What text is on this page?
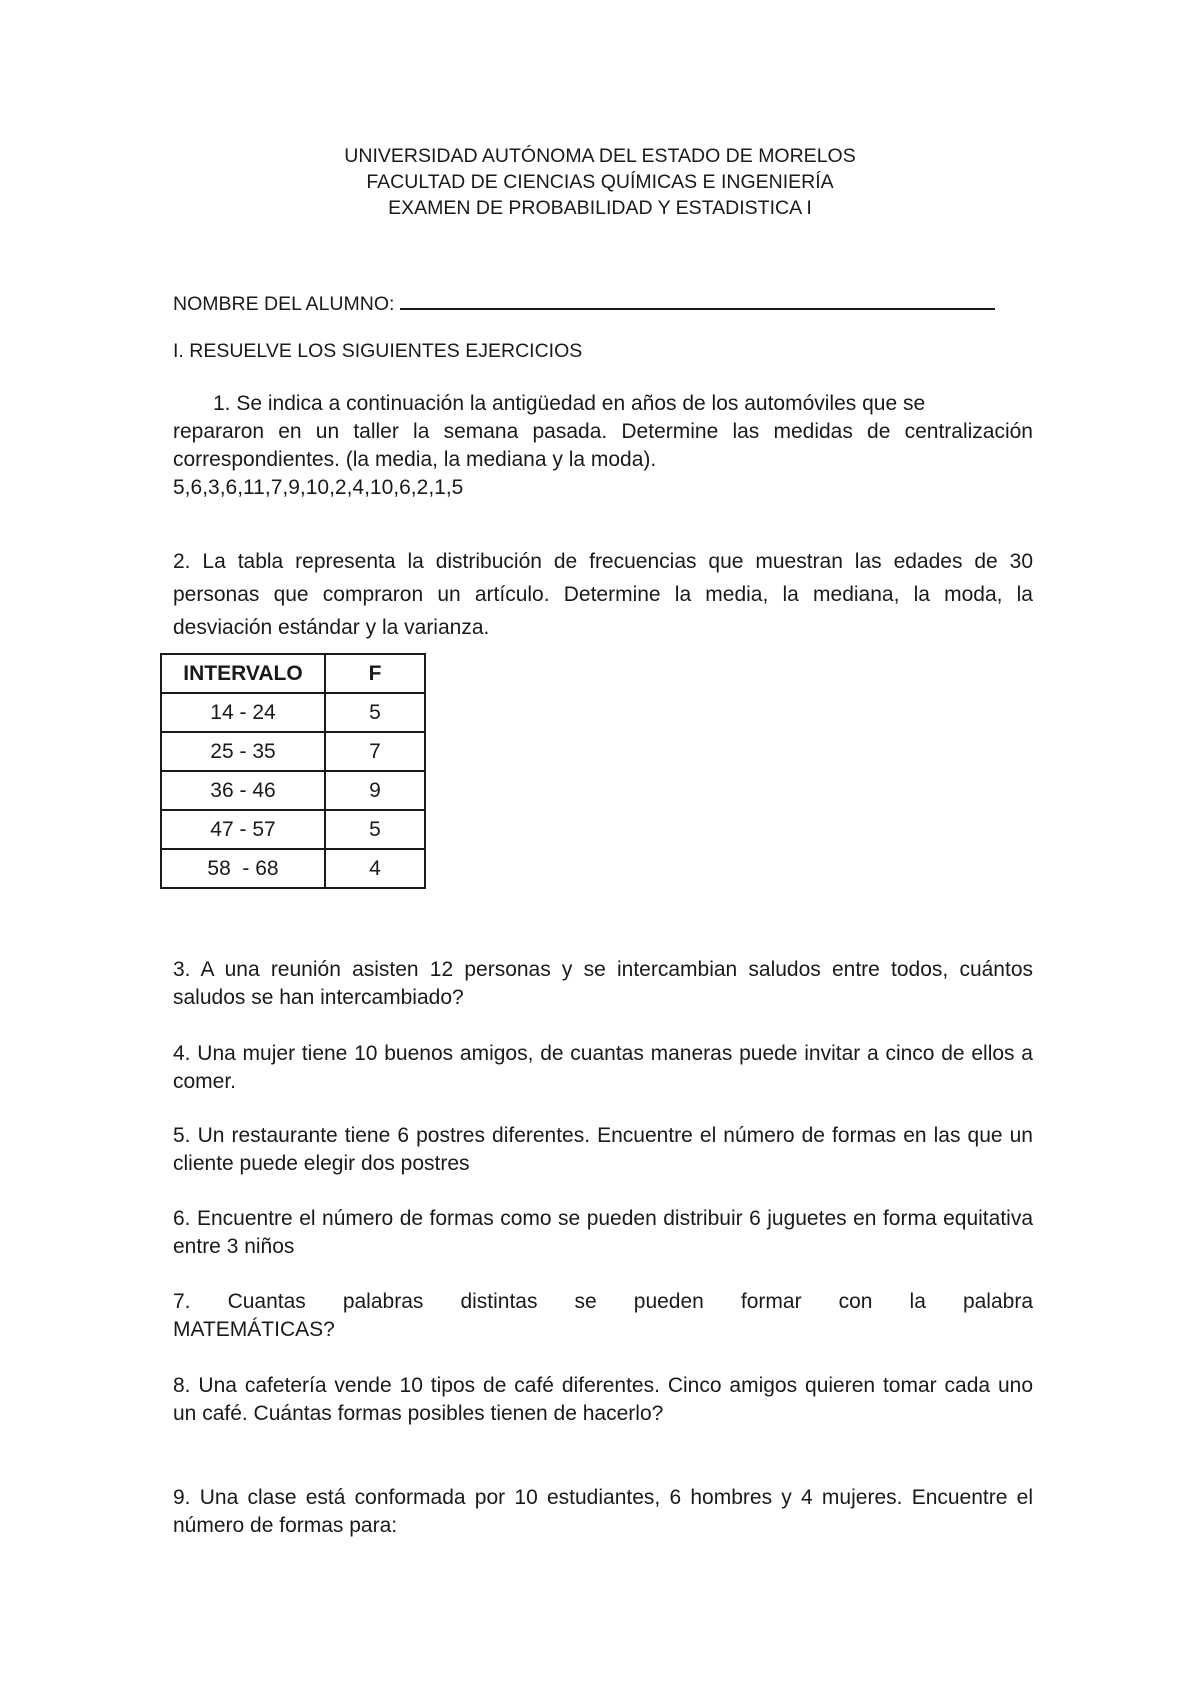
UNIVERSIDAD AUTÓNOMA DEL ESTADO DE MORELOS
FACULTAD DE CIENCIAS QUÍMICAS E INGENIERÍA
EXAMEN DE PROBABILIDAD Y ESTADISTICA I
NOMBRE DEL ALUMNO:
I. RESUELVE LOS SIGUIENTES EJERCICIOS
1. Se indica a continuación la antigüedad en años de los automóviles que se
repararon en un taller la semana pasada. Determine las medidas de centralización correspondientes. (la media, la mediana y la moda).
5,6,3,6,11,7,9,10,2,4,10,6,2,1,5
2. La tabla representa la distribución de frecuencias que muestran las edades de 30 personas que compraron un artículo. Determine la media, la mediana, la moda, la desviación estándar y la varianza.
INTERVALO	F
14 - 24	5
25 - 35	7
36 - 46	9
47 - 57	5
58  - 68	4
3. A una reunión asisten 12 personas y se intercambian saludos entre todos, cuántos saludos se han intercambiado?
4. Una mujer tiene 10 buenos amigos, de cuantas maneras puede invitar a cinco de ellos a comer.
5. Un restaurante tiene 6 postres diferentes. Encuentre el número de formas en las que un cliente puede elegir dos postres
6. Encuentre el número de formas como se pueden distribuir 6 juguetes en forma equitativa entre 3 niños
7. Cuantas palabras distintas se pueden formar con la palabra
MATEMÁTICAS?
8. Una cafetería vende 10 tipos de café diferentes. Cinco amigos quieren tomar cada uno un café. Cuántas formas posibles tienen de hacerlo?
9. Una clase está conformada por 10 estudiantes, 6 hombres y 4 mujeres. Encuentre el número de formas para:
